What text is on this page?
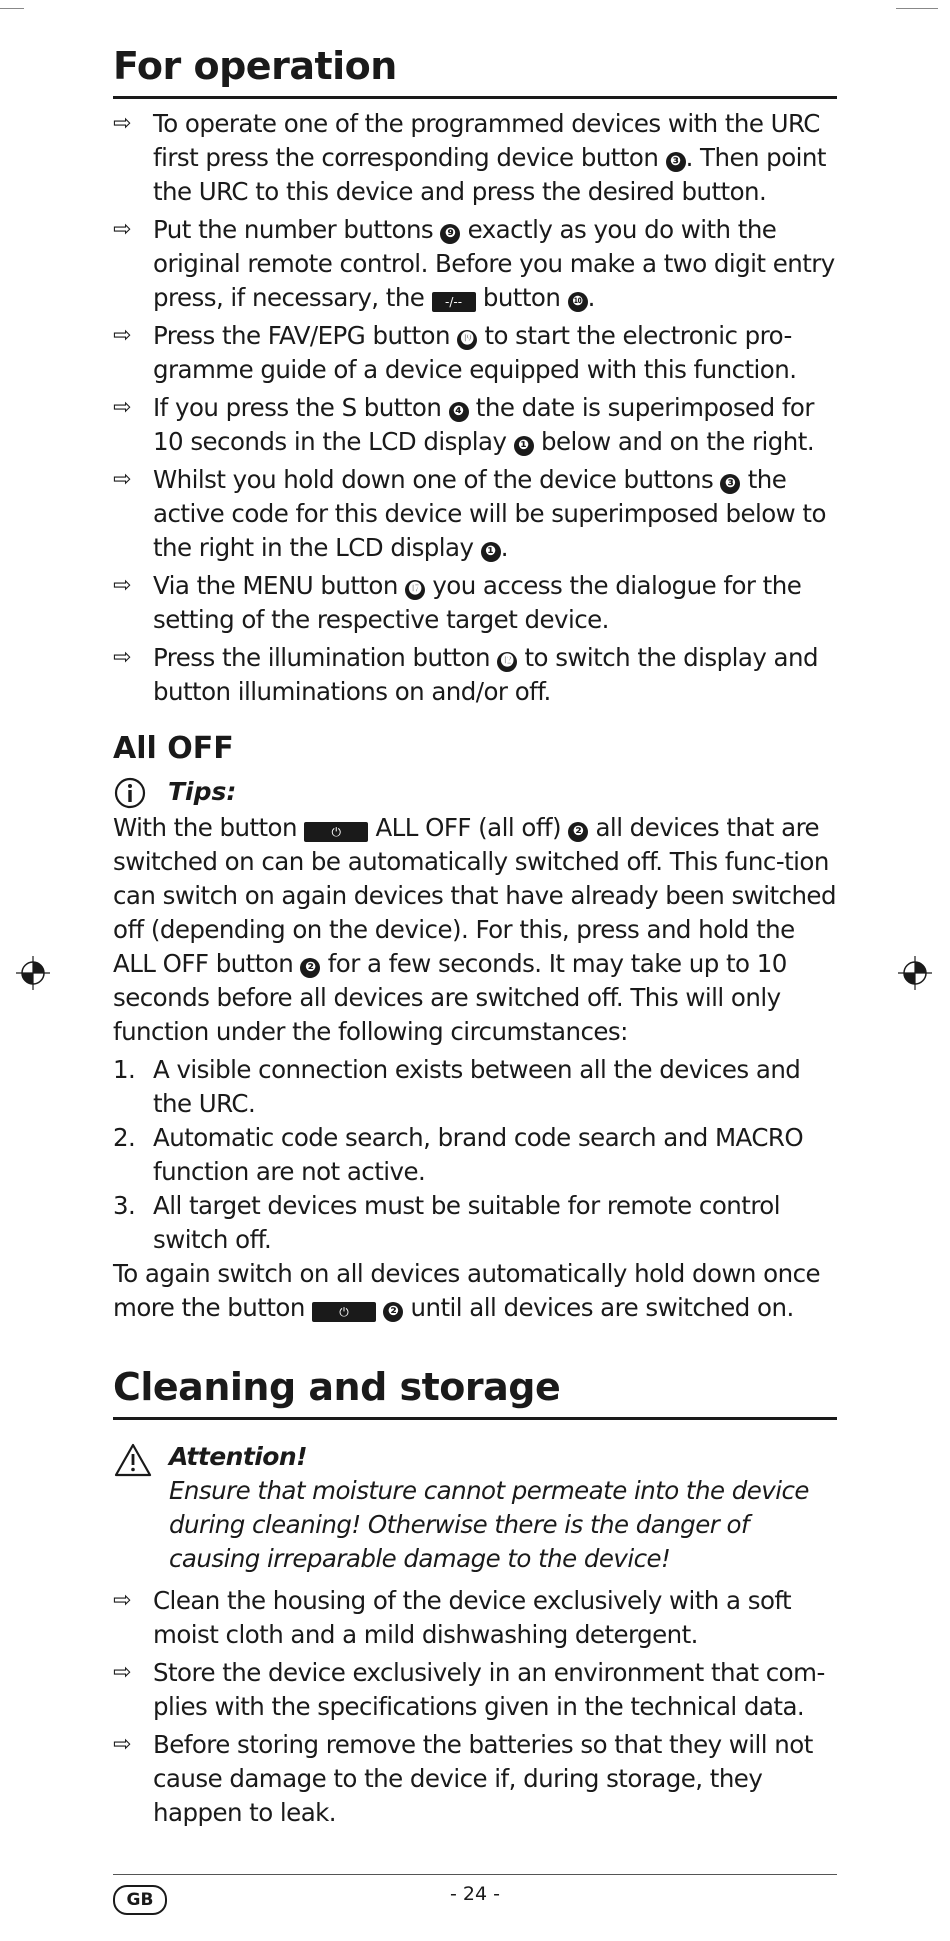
For operation
⇨ To operate one of the programmed devices with the URC first press the corresponding device button ❸ . Then point the URC to this device and press the desired button.
⇨ Put the number buttons ❾ exactly as you do with the original remote control. Before you make a two digit entry press, if necessary, the -/-- button ❿ .
⇨ Press the FAV/EPG button ⓳ to start the electronic pro-gramme guide of a device equipped with this function.
⇨ If you press the S button ❹ the date is superimposed for 10 seconds in the LCD display ❶ below and on the right.
⇨ Whilst you hold down one of the device buttons ❸ the active code for this device will be superimposed below to the right in the LCD display ❶ .
⇨ Via the MENU button ⓱ you access the dialogue for the setting of the respective target device.
⇨ Press the illumination button ⓬ to switch the display and button illuminations on and/or off.
All OFF
Tips:
With the button ⏻ ALL OFF (all off) ❷ all devices that are switched on can be automatically switched off. This func-tion can switch on again devices that have already been switched off (depending on the device). For this, press and hold the ALL OFF button ❷ for a few seconds. It may take up to 10 seconds before all devices are switched off. This will only function under the following circumstances:
1. A visible connection exists between all the devices and the URC.
2. Automatic code search, brand code search and MACRO function are not active.
3. All target devices must be suitable for remote control switch off.
To again switch on all devices automatically hold down once more the button ⏻	❷ until all devices are switched on.
Cleaning and storage
Attention!
Ensure that moisture cannot permeate into the device during cleaning! Otherwise there is the danger of causing irreparable damage to the device!
⇨ Clean the housing of the device exclusively with a soft moist cloth and a mild dishwashing detergent.
⇨ Store the device exclusively in an environment that com-plies with the specifications given in the technical data.
⇨ Before storing remove the batteries so that they will not cause damage to the device if, during storage, they happen to leak.
GB	- 24 -
